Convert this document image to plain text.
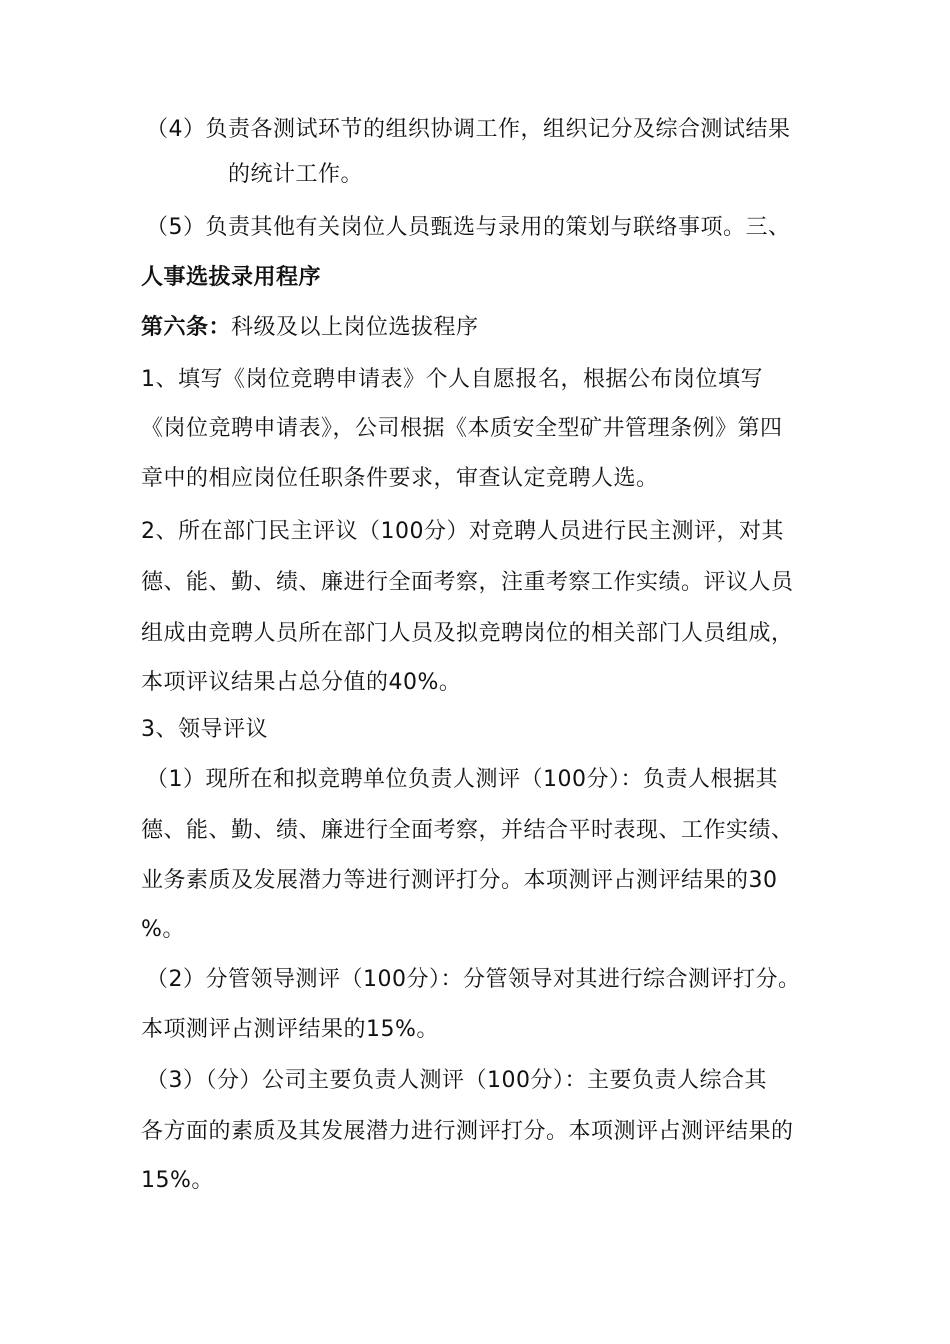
（4）负责各测试环节的组织协调工作，组织记分及综合测试结果
的统计工作。
（5）负责其他有关岗位人员甄选与录用的策划与联络事项。三、
人事选拔录用程序
第六条：科级及以上岗位选拔程序
1、填写《岗位竞聘申请表》个人自愿报名，根据公布岗位填写
《岗位竞聘申请表》，公司根据《本质安全型矿井管理条例》第四
章中的相应岗位任职条件要求，审查认定竞聘人选。
2、所在部门民主评议（100分）对竞聘人员进行民主测评，对其
德、能、勤、绩、廉进行全面考察，注重考察工作实绩。评议人员
组成由竞聘人员所在部门人员及拟竞聘岗位的相关部门人员组成，
本项评议结果占总分值的40%。
3、领导评议
（1）现所在和拟竞聘单位负责人测评（100分）：负责人根据其
德、能、勤、绩、廉进行全面考察，并结合平时表现、工作实绩、
业务素质及发展潜力等进行测评打分。本项测评占测评结果的30
%。
（2）分管领导测评（100分）：分管领导对其进行综合测评打分。
本项测评占测评结果的15%。
（3）（分）公司主要负责人测评（100分）：主要负责人综合其
各方面的素质及其发展潜力进行测评打分。本项测评占测评结果的
15%。
